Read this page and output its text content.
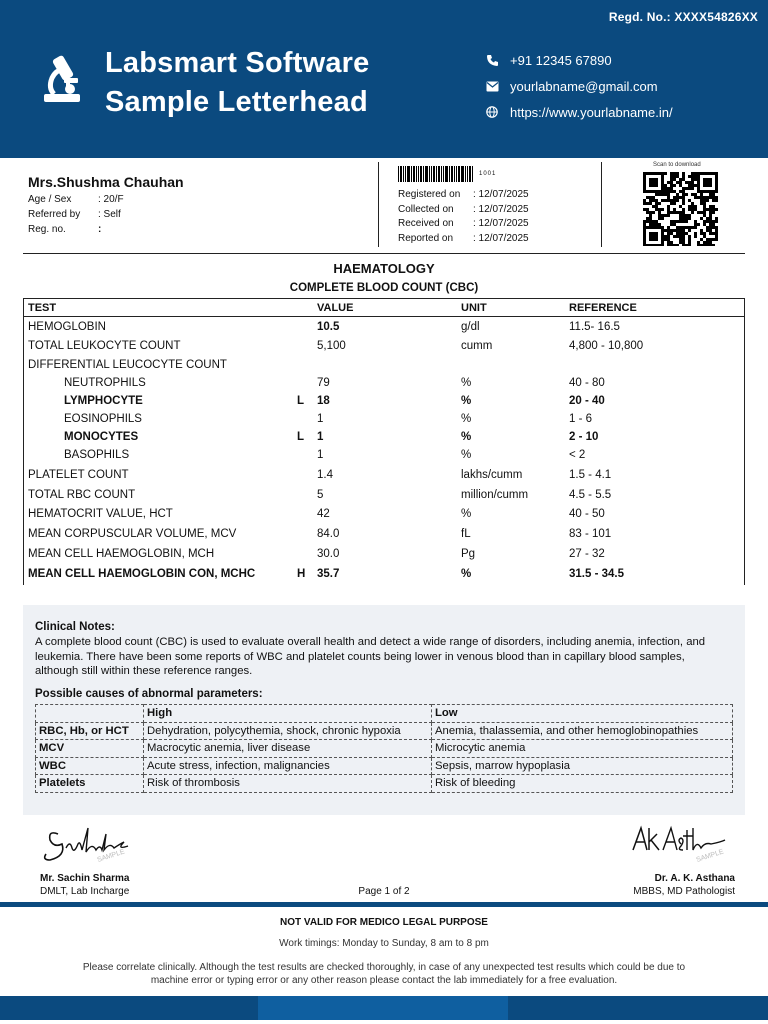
Regd. No.: XXXX54826XX
Labsmart Software
Sample Letterhead
+91 12345 67890
yourlabname@gmail.com
https://www.yourlabname.in/
Mrs.Shushma Chauhan
Age / Sex	: 20/F
Referred by	: Self
Reg. no.	:
1001
Registered on	: 12/07/2025
Collected on	: 12/07/2025
Received on	: 12/07/2025
Reported on	: 12/07/2025
Scan to download
HAEMATOLOGY
COMPLETE BLOOD COUNT (CBC)
TEST	VALUE	UNIT	REFERENCE
HEMOGLOBIN	10.5	g/dl	11.5- 16.5
TOTAL LEUKOCYTE COUNT	5,100	cumm	4,800 - 10,800
DIFFERENTIAL LEUCOCYTE COUNT
NEUTROPHILS	79	%	40 - 80
LYMPHOCYTE	L	18	%	20 - 40
EOSINOPHILS	1	%	1 - 6
MONOCYTES	L	1	%	2 - 10
BASOPHILS	1	%	< 2
PLATELET COUNT	1.4	lakhs/cumm	1.5 - 4.1
TOTAL RBC COUNT	5	million/cumm	4.5 - 5.5
HEMATOCRIT VALUE, HCT	42	%	40 - 50
MEAN CORPUSCULAR VOLUME, MCV	84.0	fL	83 - 101
MEAN CELL HAEMOGLOBIN, MCH	30.0	Pg	27 - 32
MEAN CELL HAEMOGLOBIN CON, MCHC	H	35.7	%	31.5 - 34.5
Clinical Notes:
A complete blood count (CBC) is used to evaluate overall health and detect a wide range of disorders, including anemia, infection, and leukemia. There have been some reports of WBC and platelet counts being lower in venous blood than in capillary blood samples, although still within these reference ranges.
Possible causes of abnormal parameters:
	High	Low
RBC, Hb, or HCT	Dehydration, polycythemia, shock, chronic hypoxia	Anemia, thalassemia, and other hemoglobinopathies
MCV	Macrocytic anemia, liver disease	Microcytic anemia
WBC	Acute stress, infection, malignancies	Sepsis, marrow hypoplasia
Platelets	Risk of thrombosis	Risk of bleeding
SAMPLE	SAMPLE
Mr. Sachin Sharma
DMLT, Lab Incharge
Dr. A. K. Asthana
MBBS, MD Pathologist
Page 1 of 2
NOT VALID FOR MEDICO LEGAL PURPOSE
Work timings: Monday to Sunday, 8 am to 8 pm
Please correlate clinically. Although the test results are checked thoroughly, in case of any unexpected test results which could be due to machine error or typing error or any other reason please contact the lab immediately for a free evaluation.
